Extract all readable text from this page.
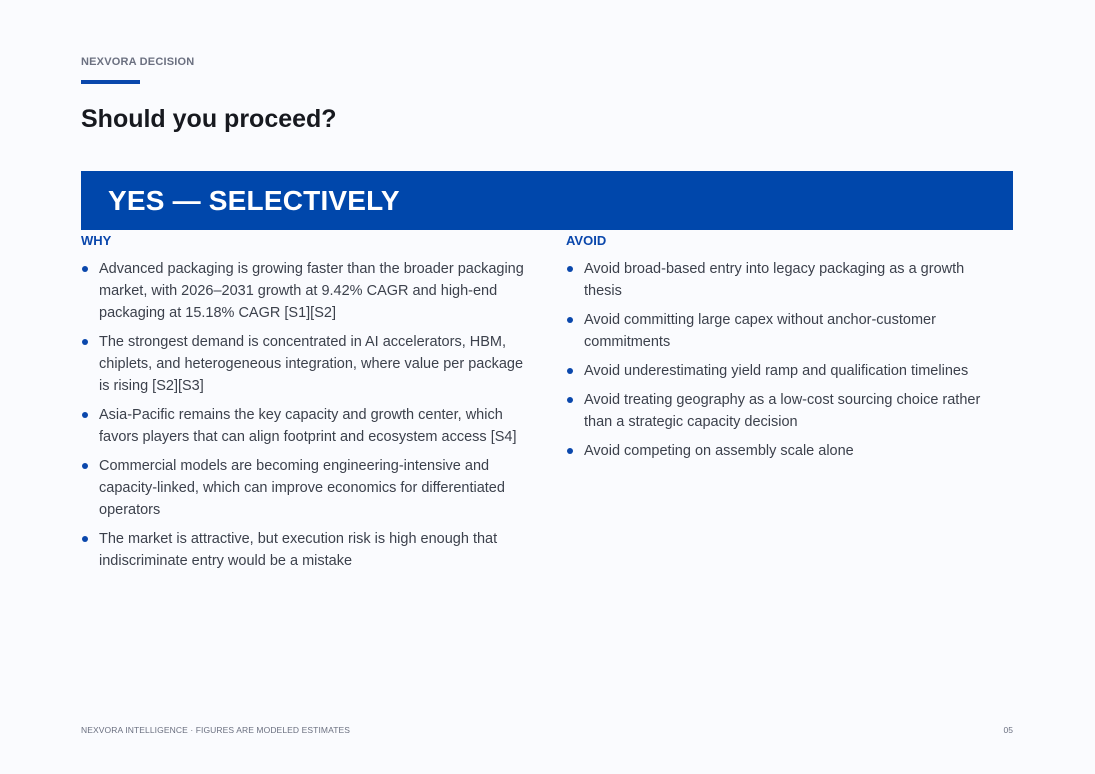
NEXVORA DECISION
Should you proceed?
YES — SELECTIVELY
WHY
Advanced packaging is growing faster than the broader packaging market, with 2026–2031 growth at 9.42% CAGR and high-end packaging at 15.18% CAGR [S1][S2]
The strongest demand is concentrated in AI accelerators, HBM, chiplets, and heterogeneous integration, where value per package is rising [S2][S3]
Asia-Pacific remains the key capacity and growth center, which favors players that can align footprint and ecosystem access [S4]
Commercial models are becoming engineering-intensive and capacity-linked, which can improve economics for differentiated operators
The market is attractive, but execution risk is high enough that indiscriminate entry would be a mistake
AVOID
Avoid broad-based entry into legacy packaging as a growth thesis
Avoid committing large capex without anchor-customer commitments
Avoid underestimating yield ramp and qualification timelines
Avoid treating geography as a low-cost sourcing choice rather than a strategic capacity decision
Avoid competing on assembly scale alone
NEXVORA INTELLIGENCE · FIGURES ARE MODELED ESTIMATES	05
